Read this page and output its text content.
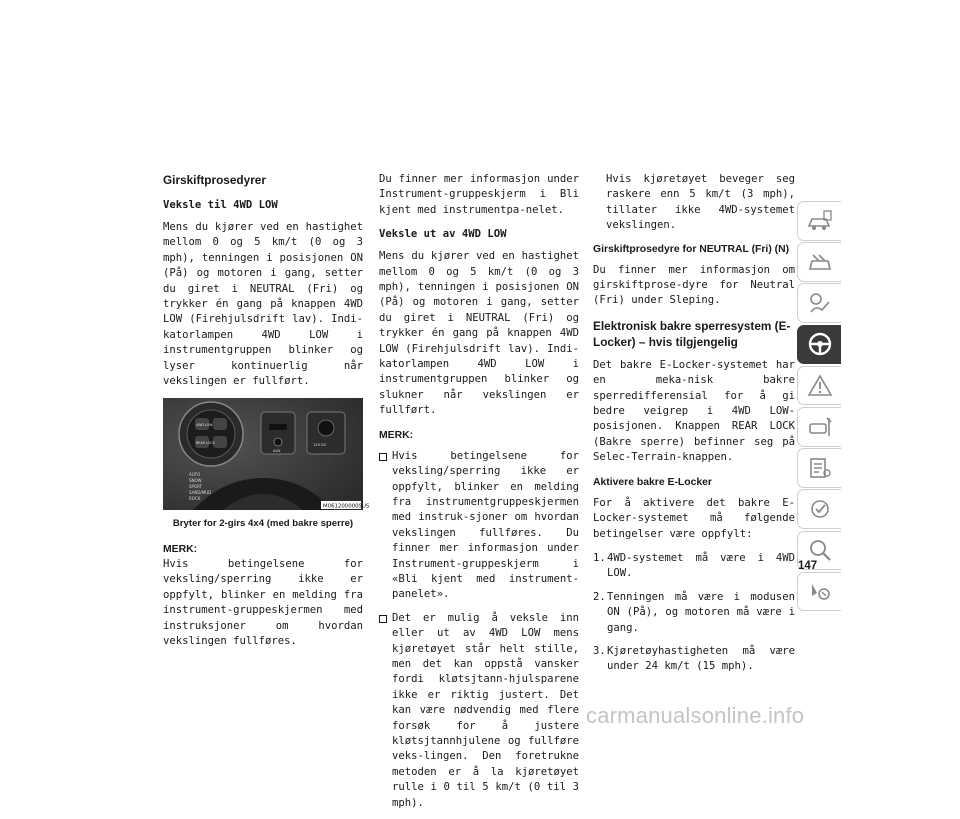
Girskiftprosedyrer
Veksle til 4WD LOW
Mens du kjører ved en hastighet mellom 0 og 5 km/t (0 og 3 mph), tenningen i posisjonen ON (På) og motoren i gang, setter du giret i NEUTRAL (Fri) og trykker én gang på knappen 4WD LOW (Firehjulsdrift lav). Indi-katorlampen 4WD LOW i instrumentgruppen blinker og lyser kontinuerlig når vekslingen er fullført.
AUTO
SNOW
SPORT
SAND/MUD
ROCK
4WD LOW
REAR LOCK	12V DC
AUX
M0612000009US
Bryter for 2-girs 4x4 (med bakre sperre)
MERK:
Hvis betingelsene for veksling/sperring ikke er oppfylt, blinker en melding fra instrument-gruppeskjermen med instruksjoner om hvordan vekslingen fullføres.
Du finner mer informasjon under Instrument-gruppeskjerm i Bli kjent med instrumentpa-nelet.
Veksle ut av 4WD LOW
Mens du kjører ved en hastighet mellom 0 og 5 km/t (0 og 3 mph), tenningen i posisjonen ON (På) og motoren i gang, setter du giret i NEUTRAL (Fri) og trykker én gang på knappen 4WD LOW (Firehjulsdrift lav). Indi-katorlampen 4WD LOW i instrumentgruppen blinker og slukner når vekslingen er fullført.
MERK:
Hvis betingelsene for veksling/sperring ikke er oppfylt, blinker en melding fra instrumentgruppeskjermen med instruk-sjoner om hvordan vekslingen fullføres. Du finner mer informasjon under Instrument-gruppeskjerm i «Bli kjent med instrument-panelet».
Det er mulig å veksle inn eller ut av 4WD LOW mens kjøretøyet står helt stille, men det kan oppstå vansker fordi kløtsjtann-hjulsparene ikke er riktig justert. Det kan være nødvendig med flere forsøk for å justere kløtsjtannhjulene og fullføre veks-lingen. Den foretrukne metoden er å la kjøretøyet rulle i 0 til 5 km/t (0 til 3 mph).
Hvis kjøretøyet beveger seg raskere enn 5 km/t (3 mph), tillater ikke 4WD-systemet vekslingen.
Girskiftprosedyre for NEUTRAL (Fri) (N)
Du finner mer informasjon om girskiftprose-dyre for Neutral (Fri) under Sleping.
Elektronisk bakre sperresystem (E-Locker) – hvis tilgjengelig
Det bakre E-Locker-systemet har en meka-nisk bakre sperredifferensial for å gi bedre veigrep i 4WD LOW-posisjonen. Knappen REAR LOCK (Bakre sperre) befinner seg på Selec-Terrain-knappen.
Aktivere bakre E-Locker
For å aktivere det bakre E-Locker-systemet må følgende betingelser være oppfylt:
1. 4WD-systemet må være i 4WD LOW.
2. Tenningen må være i modusen ON (På), og motoren må være i gang.
3. Kjøretøyhastigheten må være under 24 km/t (15 mph).
147
carmanualsonline.info
